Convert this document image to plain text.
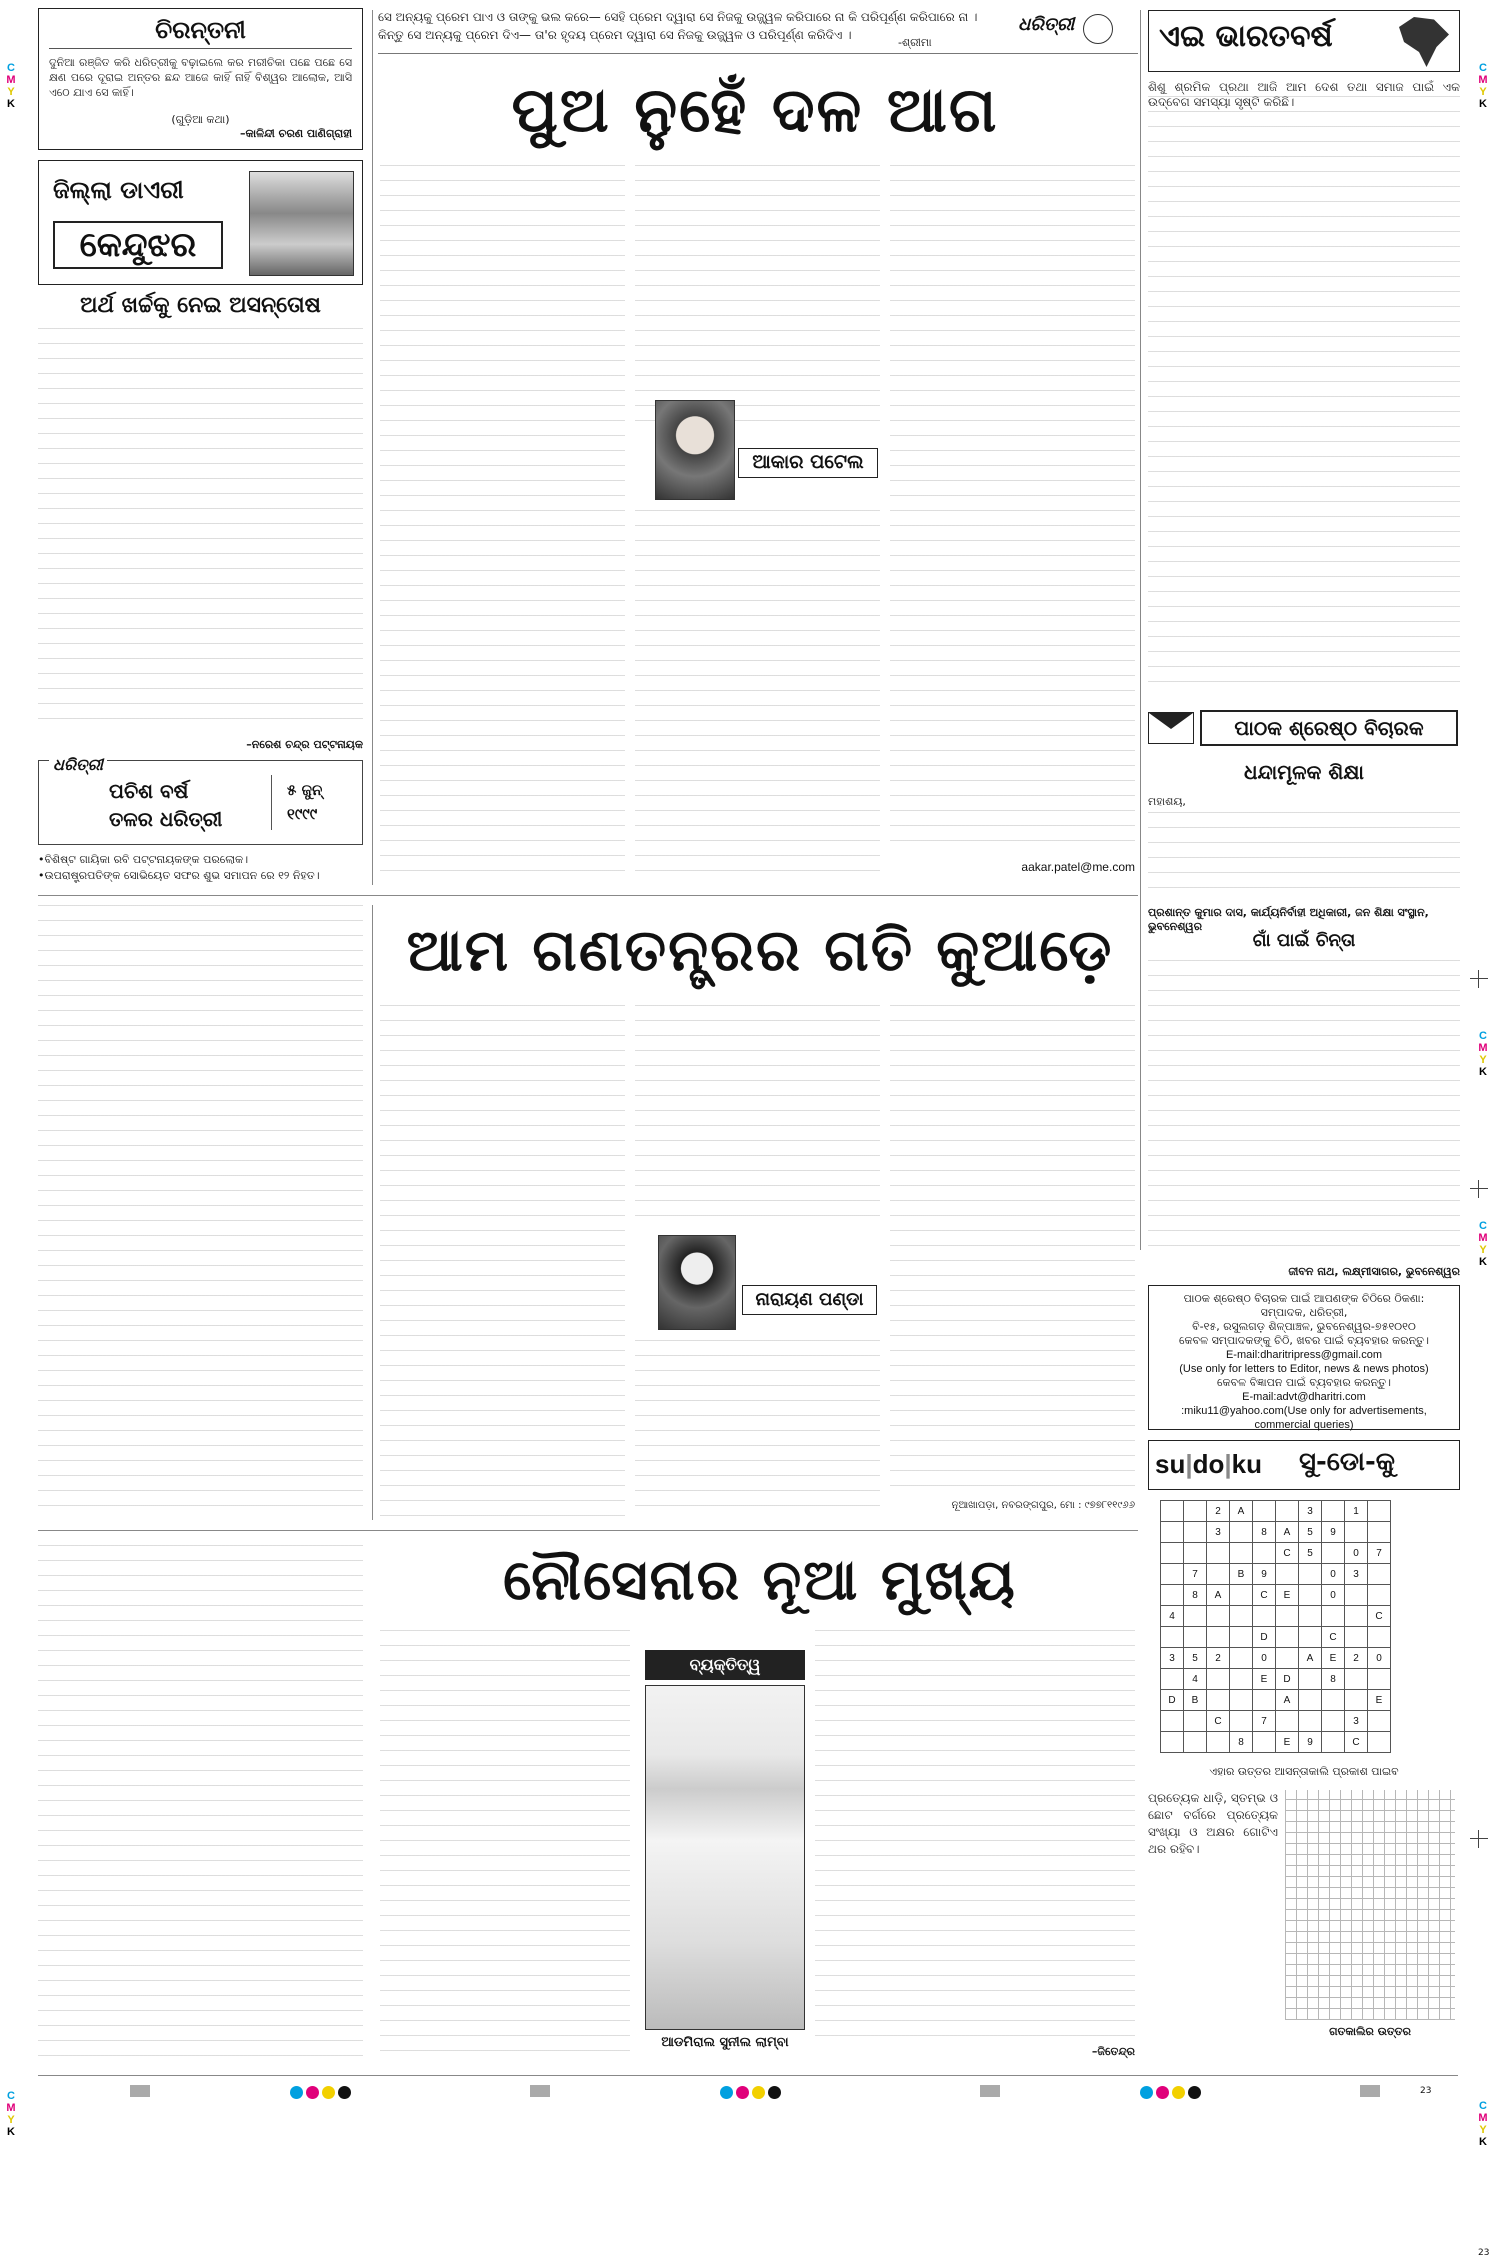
C
M
Y
K
C
M
Y
K
C
M
Y
K
C
M
Y
K
C
M
Y
K
C
M
Y
K
ସେ ଅନ୍ୟକୁ ପ୍ରେମ ପାଏ ଓ ତାଙ୍କୁ ଭଲ କରେ— ସେହି ପ୍ରେମ ଦ୍ୱାରା ସେ ନିଜକୁ ଉଜ୍ଜ୍ୱଳ କରିପାରେ ନା କି ପରିପୂର୍ଣ୍ଣ କରିପାରେ ନା ।
କିନ୍ତୁ ସେ ଅନ୍ୟକୁ ପ୍ରେମ ଦିଏ— ତା'ର ହୃଦୟ ପ୍ରେମ ଦ୍ୱାରା ସେ ନିଜକୁ ଉଜ୍ଜ୍ୱଳ ଓ ପରିପୂର୍ଣ୍ଣ କରିଦିଏ ।
-ଶ୍ରୀମା
ଧରିତ୍ରୀ
ଚିରନ୍ତନୀ
ଦୁନିଆ ରଞ୍ଜିତ କରି ଧରିତ୍ରୀକୁ ବଢ଼ାଇଲେ କର ମରୀଚିକା ପଛେ ପଛେ ସେ କ୍ଷଣ ପରେ ଦୂରାଇ ଅନ୍ତର ଛନ୍ଦ ଆଜେ କାହିଁ ନାହିଁ ବିଶ୍ୱର ଆଲୋକ, ଆସି ଏଠେ ଯାଏ ସେ କାହିଁ।
(ଗୁଡ଼ିଆ କଥା)
–କାଳିନ୍ଦୀ ଚରଣ ପାଣିଗ୍ରାହୀ
ଜିଲ୍ଲା ଡାଏରୀ
କେନ୍ଦୁଝର
ଅର୍ଥ ଖର୍ଚ୍ଚକୁ ନେଇ ଅସନ୍ତୋଷ
–ନରେଶ ଚନ୍ଦ୍ର ପଟ୍ଟନାୟକ
ଧରିତ୍ରୀ
ପଚିଶ ବର୍ଷ
ତଳର ଧରିତ୍ରୀ
୫ ଜୁନ୍
୧୯୯୯
•ବିଶିଷ୍ଟ ଗାୟିକା ରବି ପଟ୍ଟନାୟକଙ୍କ ପରଲୋକ।
•ଉପରାଷ୍ଟ୍ରପତିଙ୍କ ସୋଭିୟେତ ସଫର ଶୁଭ ସମାପନ ରେ ୧୨ ନିହତ।
ପୁଅ ନୁହେଁ ଦଳ ଆଗ
ଆକାର ପଟେଲ
aakar.patel@me.com
ଏଇ ଭାରତବର୍ଷ
ଶିଶୁ ଶ୍ରମିକ ପ୍ରଥା ଆଜି ଆମ ଦେଶ ତଥା ସମାଜ ପାଇଁ ଏକ ଉଦ୍ବେଗ ସମସ୍ୟା ସୃଷ୍ଟି କରିଛି।
ପାଠକ ଶ୍ରେଷ୍ଠ ବିଚାରକ
ଧନ୍ଦାମୂଳକ ଶିକ୍ଷା
ମହାଶୟ,
ପ୍ରଶାନ୍ତ କୁମାର ଦାସ, କାର୍ଯ୍ୟନିର୍ବାହୀ ଅଧିକାରୀ, ଜନ ଶିକ୍ଷା ସଂସ୍ଥାନ, ଭୁବନେଶ୍ୱର
ଗାଁ ପାଇଁ ଚିନ୍ତା
ଜୀବନ ନାଥ, ଲକ୍ଷ୍ମୀସାଗର, ଭୁବନେଶ୍ୱର
ପାଠକ ଶ୍ରେଷ୍ଠ ବିଚାରକ ପାଇଁ ଆପଣଙ୍କ ଚିଠିରେ ଠିକଣା:
ସମ୍ପାଦକ, ଧରିତ୍ରୀ,
ବି-୧୫, ରସୁଲଗଡ଼ ଶିଳ୍ପାଞ୍ଚଳ, ଭୁବନେଶ୍ୱର-୭୫୧୦୧୦
କେବଳ ସମ୍ପାଦକଙ୍କୁ ଚିଠି, ଖବର ପାଇଁ ବ୍ୟବହାର କରନ୍ତୁ।
E-mail:dharitripress@gmail.com
(Use only for letters to Editor, news & news photos)
କେବଳ ବିଜ୍ଞାପନ ପାଇଁ ବ୍ୟବହାର କରନ୍ତୁ।
E-mail:advt@dharitri.com
:miku11@yahoo.com(Use only for advertisements, commercial queries)
ଆମ ଗଣତନ୍ତ୍ରର ଗତି କୁଆଡ଼େ
ନାରାୟଣ ପଣ୍ଡା
ନୂଆଖାପଡ଼ା, ନବରଙ୍ଗପୁର, ମୋ : ୯୭୭୮୧୧୯୬୬
su|do|ku ସୁ-ଡୋ-କୁ
		2	A			3		1	
		3		8	A	5	9		
					C	5		0	7
	7		B	9			0	3	
	8	A		C	E		0		
4									C
				D			C		
3	5	2		0		A	E	2	0
	4			E	D		8		
D	B				A				E
		C		7				3	
			8		E	9		C	
ଏହାର ଉତ୍ତର ଆସନ୍ତାକାଲି ପ୍ରକାଶ ପାଇବ
ପ୍ରତ୍ୟେକ ଧାଡ଼ି, ସ୍ତମ୍ଭ ଓ ଛୋଟ ବର୍ଗରେ ପ୍ରତ୍ୟେକ ସଂଖ୍ୟା ଓ ଅକ୍ଷର ଗୋଟିଏ ଥର ରହିବ।
ଗତକାଲିର ଉତ୍ତର
ନୌସେନାର ନୂଆ ମୁଖ୍ୟ
ବ୍ୟକ୍ତିତ୍ୱ
ଆଡମିରାଲ ସୁନୀଲ ଲାମ୍ବା
–ଜିତେନ୍ଦ୍ର
23
23
